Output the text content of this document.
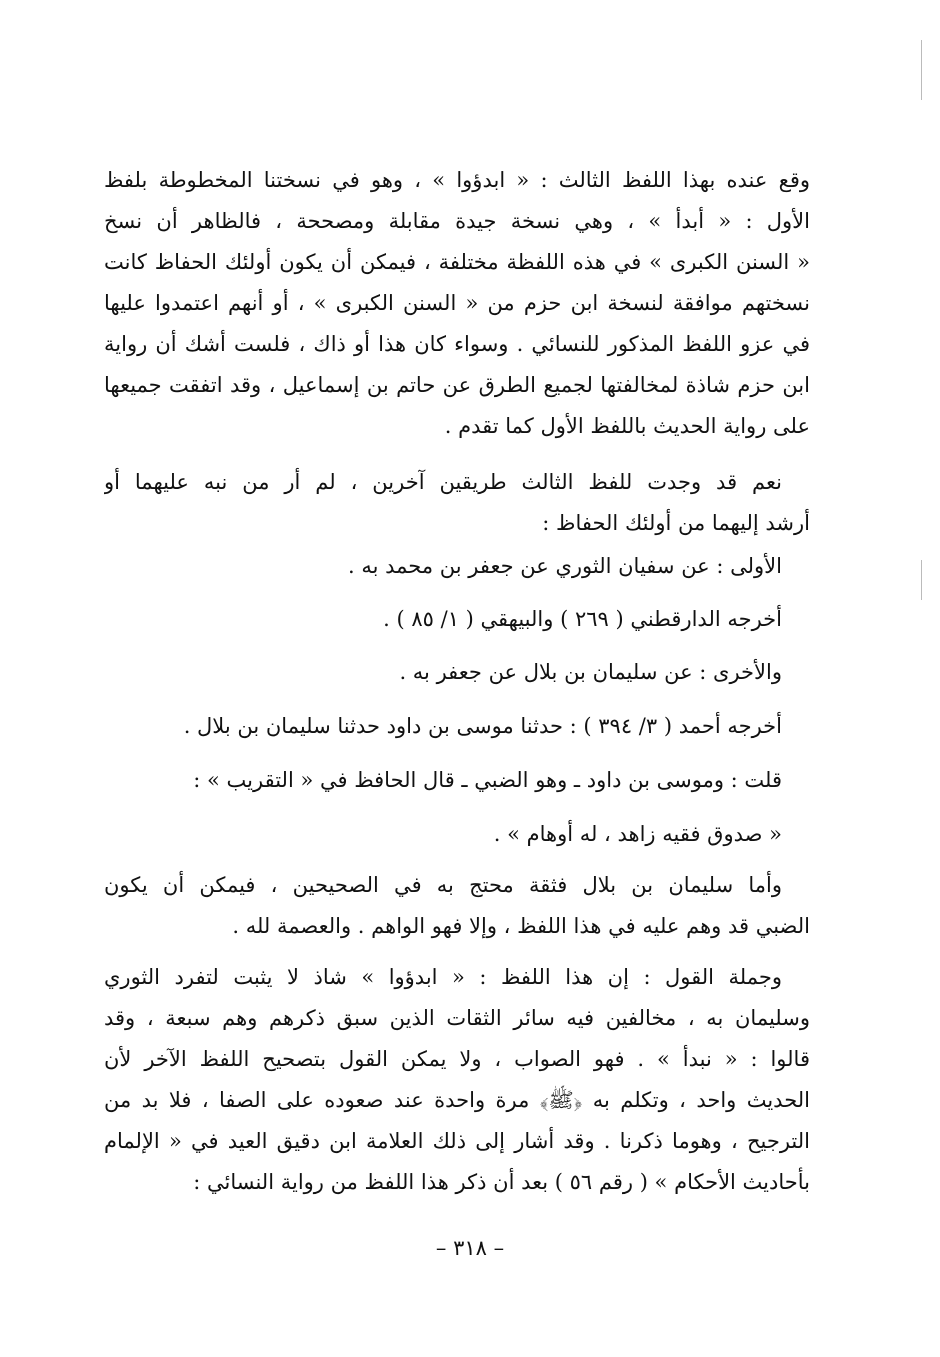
وقع عنده بهذا اللفظ الثالث : « ابدؤوا » ، وهو في نسختنا المخطوطة بلفظ
الأول : « أبدأ » ، وهي نسخة جيدة مقابلة ومصححة ، فالظاهر أن نسخ
« السنن الكبرى » في هذه اللفظة مختلفة ، فيمكن أن يكون أولئك الحفاظ كانت
نسختهم موافقة لنسخة ابن حزم من « السنن الكبرى » ، أو أنهم اعتمدوا عليها
في عزو اللفظ المذكور للنسائي . وسواء كان هذا أو ذاك ، فلست أشك أن رواية
ابن حزم شاذة لمخالفتها لجميع الطرق عن حاتم بن إسماعيل ، وقد اتفقت جميعها
على رواية الحديث باللفظ الأول كما تقدم .
نعم قد وجدت للفظ الثالث طريقين آخرين ، لم أر من نبه عليهما أو
أرشد إليهما من أولئك الحفاظ :
الأولى : عن سفيان الثوري عن جعفر بن محمد به .
أخرجه الدارقطني ( ٢٦٩ ) والبيهقي ( ١/ ٨٥ ) .
والأخرى : عن سليمان بن بلال عن جعفر به .
أخرجه أحمد ( ٣/ ٣٩٤ ) : حدثنا موسى بن داود حدثنا سليمان بن بلال .
قلت : وموسى بن داود ـ وهو الضبي ـ قال الحافظ في « التقريب » :
« صدوق فقيه زاهد ، له أوهام » .
وأما سليمان بن بلال فثقة محتج به في الصحيحين ، فيمكن أن يكون
الضبي قد وهم عليه في هذا اللفظ ، وإلا فهو الواهم . والعصمة لله .
وجملة القول : إن هذا اللفظ : « ابدؤوا » شاذ لا يثبت لتفرد الثوري
وسليمان به ، مخالفين فيه سائر الثقات الذين سبق ذكرهم وهم سبعة ، وقد
قالوا : « نبدأ » . فهو الصواب ، ولا يمكن القول بتصحيح اللفظ الآخر لأن
الحديث واحد ، وتكلم به ﴿ﷺ﴾ مرة واحدة عند صعوده على الصفا ، فلا بد من
الترجيح ، وهوما ذكرنا . وقد أشار إلى ذلك العلامة ابن دقيق العيد في « الإلمام
بأحاديث الأحكام » ( رقم ٥٦ ) بعد أن ذكر هذا اللفظ من رواية النسائي :
– ٣١٨ –
